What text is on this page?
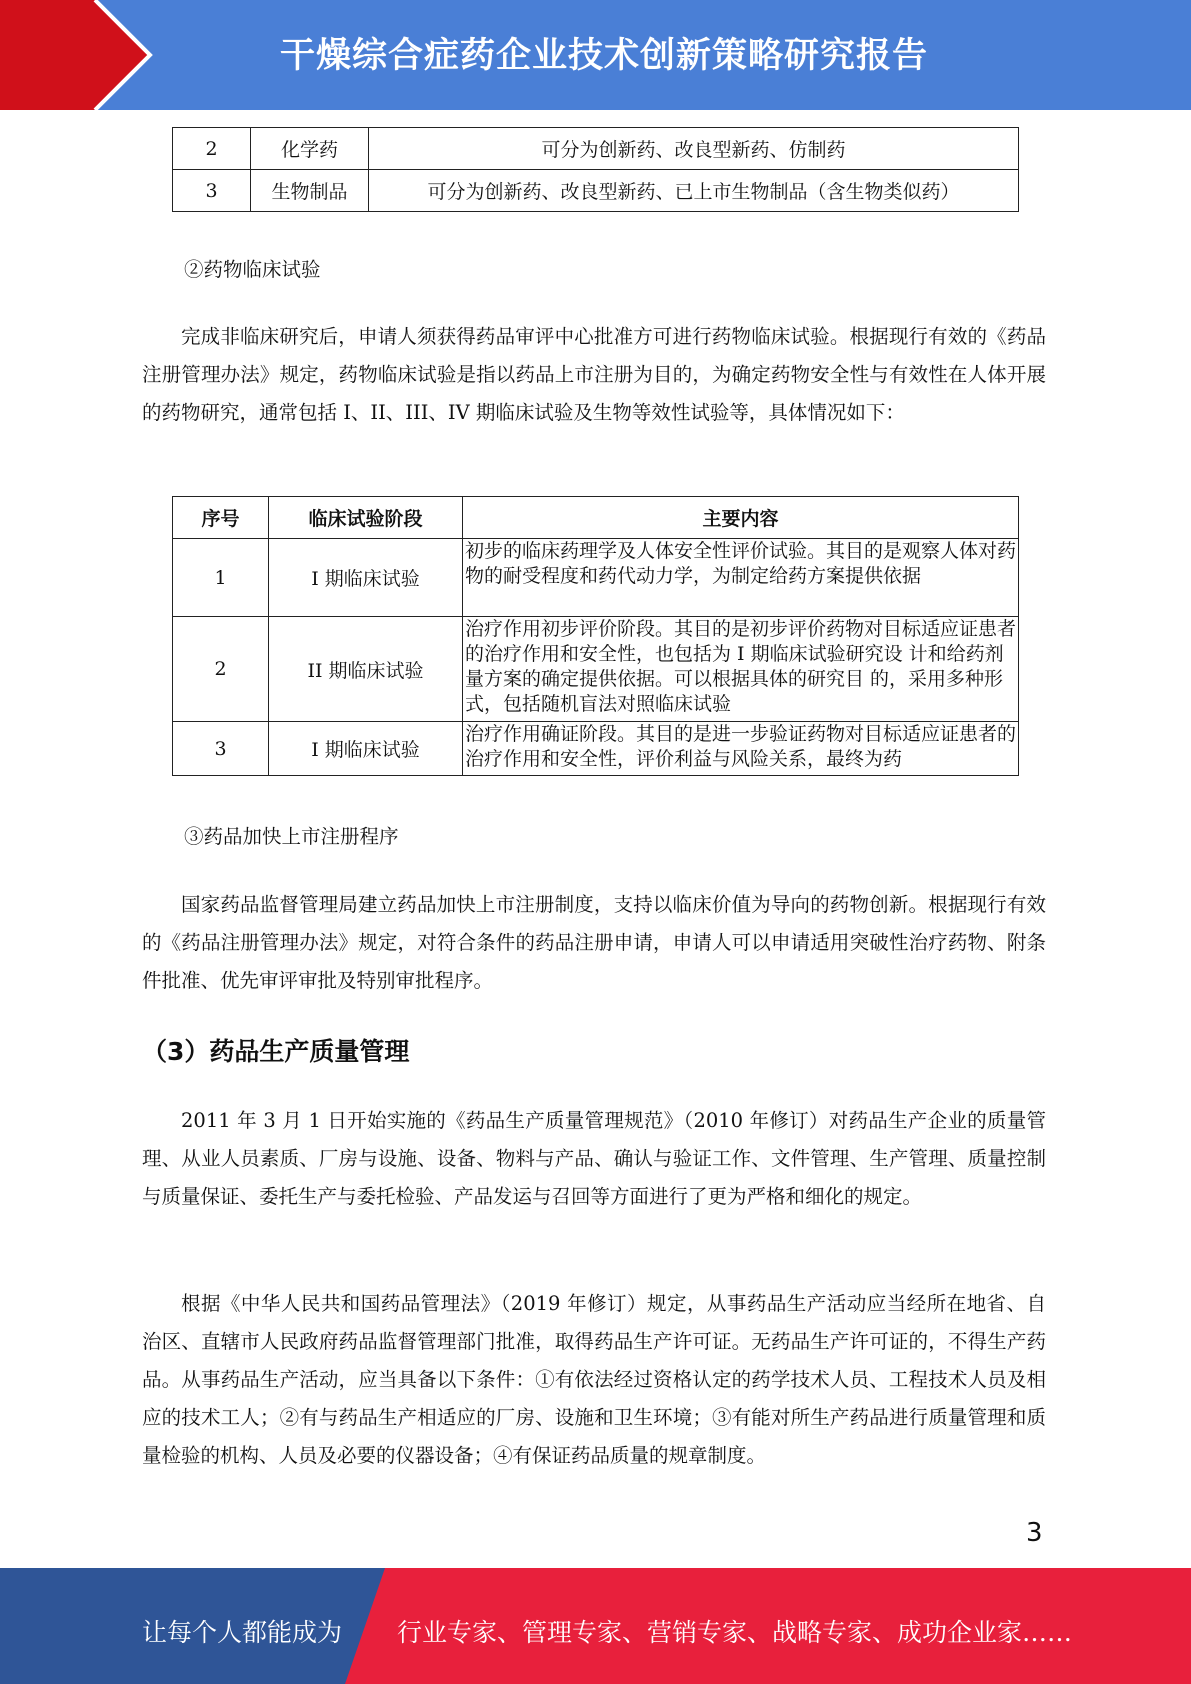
干燥综合症药企业技术创新策略研究报告
2	化学药	可分为创新药、改良型新药、仿制药
3	生物制品	可分为创新药、改良型新药、已上市生物制品（含生物类似药）

②药物临床试验

完成非临床研究后，申请人须获得药品审评中心批准方可进行药物临床试验。根据现行有效的《药品注册管理办法》规定，药物临床试验是指以药品上市注册为目的，为确定药物安全性与有效性在人体开展的药物研究，通常包括 I、II、III、IV 期临床试验及生物等效性试验等，具体情况如下：

序号	临床试验阶段	主要内容
1	I 期临床试验	初步的临床药理学及人体安全性评价试验。其目的是观察人体对药物的耐受程度和药代动力学，为制定给药方案提供依据
2	II 期临床试验	治疗作用初步评价阶段。其目的是初步评价药物对目标适应证患者的治疗作用和安全性，也包括为 I 期临床试验研究设 计和给药剂量方案的确定提供依据。可以根据具体的研究目 的，采用多种形式，包括随机盲法对照临床试验
3	I 期临床试验	治疗作用确证阶段。其目的是进一步验证药物对目标适应证患者的治疗作用和安全性，评价利益与风险关系，最终为药

③药品加快上市注册程序

国家药品监督管理局建立药品加快上市注册制度，支持以临床价值为导向的药物创新。根据现行有效的《药品注册管理办法》规定，对符合条件的药品注册申请，申请人可以申请适用突破性治疗药物、附条件批准、优先审评审批及特别审批程序。

（3）药品生产质量管理

2011 年 3 月 1 日开始实施的《药品生产质量管理规范》（2010 年修订）对药品生产企业的质量管理、从业人员素质、厂房与设施、设备、物料与产品、确认与验证工作、文件管理、生产管理、质量控制与质量保证、委托生产与委托检验、产品发运与召回等方面进行了更为严格和细化的规定。

根据《中华人民共和国药品管理法》（2019 年修订）规定，从事药品生产活动应当经所在地省、自治区、直辖市人民政府药品监督管理部门批准，取得药品生产许可证。无药品生产许可证的，不得生产药品。从事药品生产活动，应当具备以下条件：①有依法经过资格认定的药学技术人员、工程技术人员及相应的技术工人；②有与药品生产相适应的厂房、设施和卫生环境；③有能对所生产药品进行质量管理和质量检验的机构、人员及必要的仪器设备；④有保证药品质量的规章制度。

3
让每个人都能成为 行业专家、管理专家、营销专家、战略专家、成功企业家……
